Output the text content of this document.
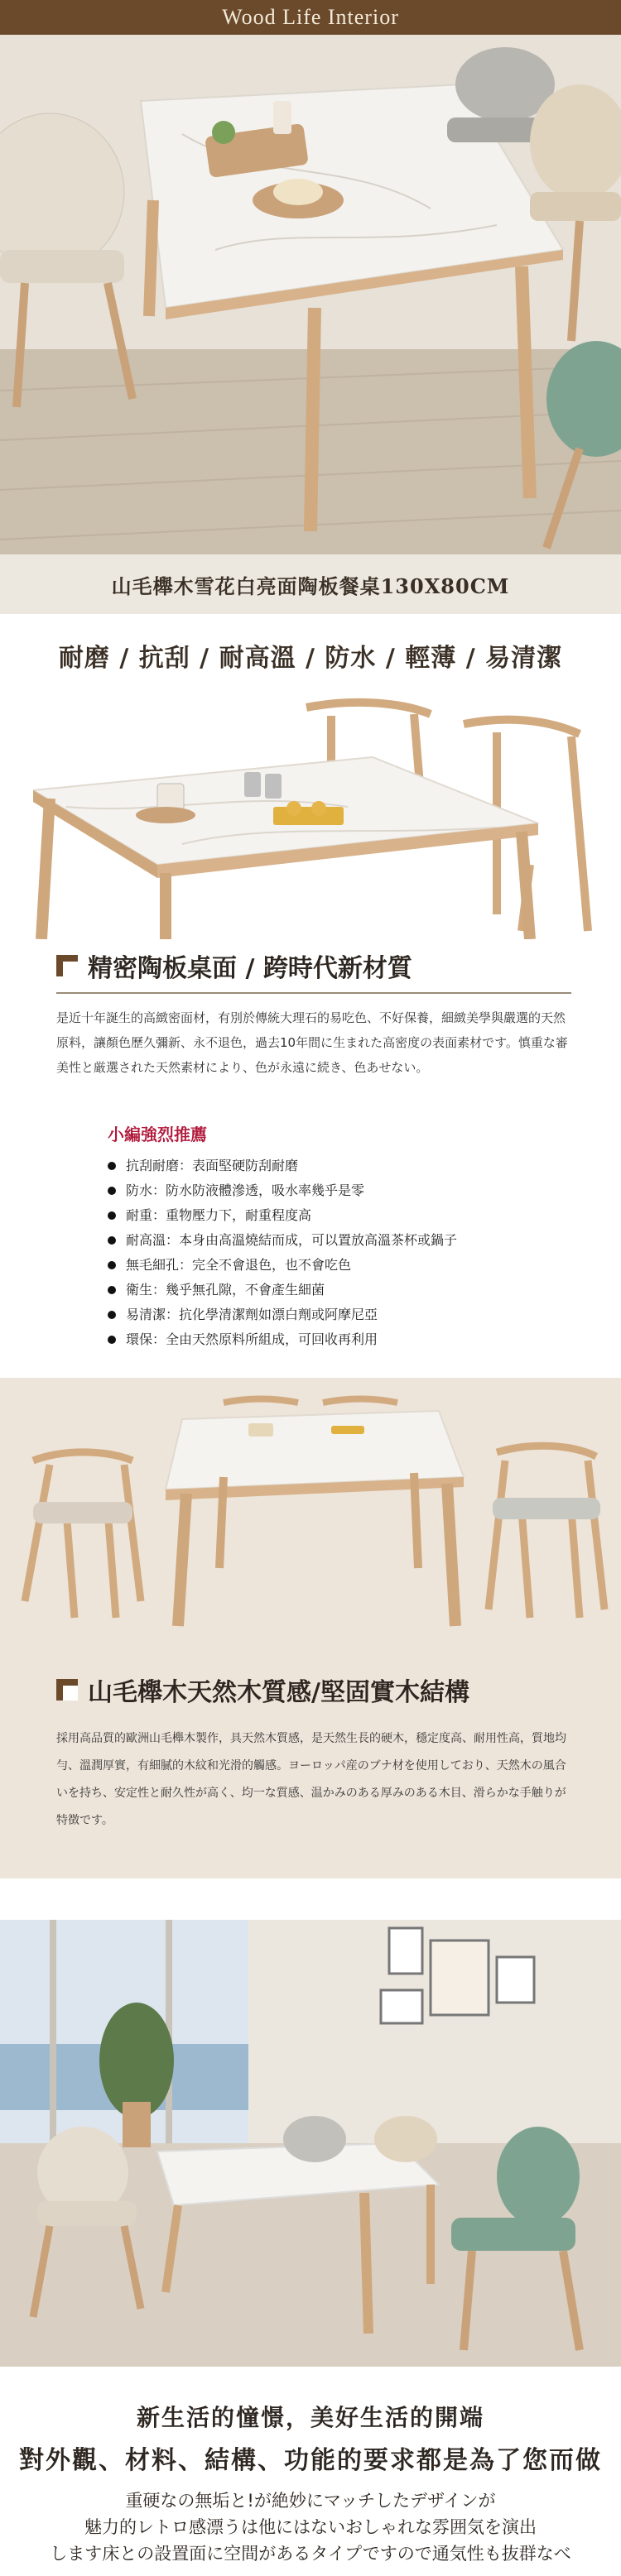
Wood Life Interior
山毛櫸木雪花白亮面陶板餐桌130X80CM
耐磨 / 抗刮 / 耐高溫 / 防水 / 輕薄 / 易清潔
精密陶板桌面 / 跨時代新材質
是近十年誕生的高緻密面材，有別於傳統大理石的易吃色、不好保養，細緻美學與嚴選的天然原料，讓顏色歷久彌新、永不退色，過去10年間に生まれた高密度の表面素材です。慎重な審美性と厳選された天然素材により、色が永遠に続き、色あせない。
小編強烈推薦
抗刮耐磨：表面堅硬防刮耐磨
防水：防水防液體滲透，吸水率幾乎是零
耐重：重物壓力下，耐重程度高
耐高溫：本身由高溫燒結而成，可以置放高溫茶杯或鍋子
無毛細孔：完全不會退色，也不會吃色
衛生：幾乎無孔隙，不會產生細菌
易清潔：抗化學清潔劑如漂白劑或阿摩尼亞
環保：全由天然原料所組成，可回收再利用
山毛櫸木天然木質感/堅固實木結構
採用高品質的歐洲山毛櫸木製作，具天然木質感，是天然生長的硬木，穩定度高、耐用性高，質地均勻、溫潤厚實，有細膩的木紋和光滑的觸感。ヨーロッパ産のブナ材を使用しており、天然木の風合いを持ち、安定性と耐久性が高く、均一な質感、温かみのある厚みのある木目、滑らかな手触りが特徴です。
新生活的憧憬，美好生活的開端
對外觀、材料、結構、功能的要求都是為了您而做
重硬なの無垢と!が絶妙にマッチしたデザインが
魅力的レトロ感漂うは他にはないおしゃれな雰囲気を演出
します床との設置面に空間があるタイプですので通気性も抜群なべ
